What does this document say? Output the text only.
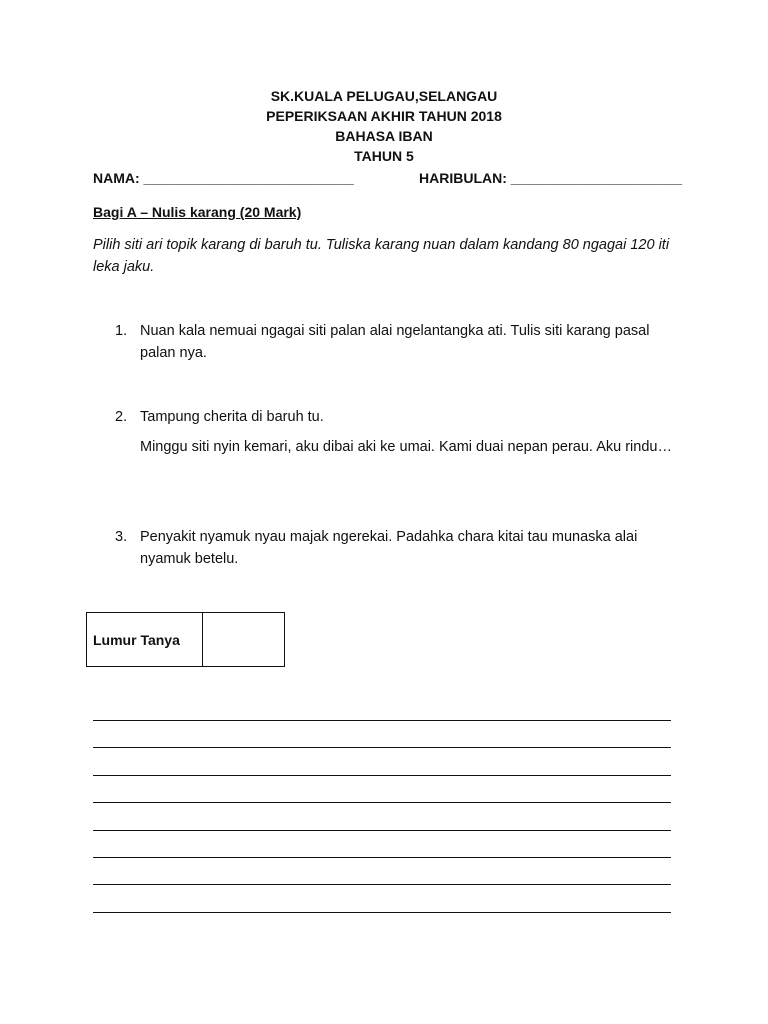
SK.KUALA PELUGAU,SELANGAU
PEPERIKSAAN AKHIR TAHUN 2018
BAHASA IBAN
TAHUN 5
NAMA: ___________________________	HARIBULAN: ______________________
Bagi A – Nulis karang (20 Mark)
Pilih siti ari topik karang di baruh tu. Tuliska karang nuan dalam kandang 80 ngagai 120 iti leka jaku.
1. Nuan kala nemuai ngagai siti palan alai ngelantangka ati. Tulis siti karang pasal palan nya.
2. Tampung cherita di baruh tu.
Minggu siti nyin kemari, aku dibai aki ke umai. Kami duai nepan perau. Aku rindu…
3. Penyakit nyamuk nyau majak ngerekai. Padahka chara kitai tau munaska alai nyamuk betelu.
Lumur Tanya
